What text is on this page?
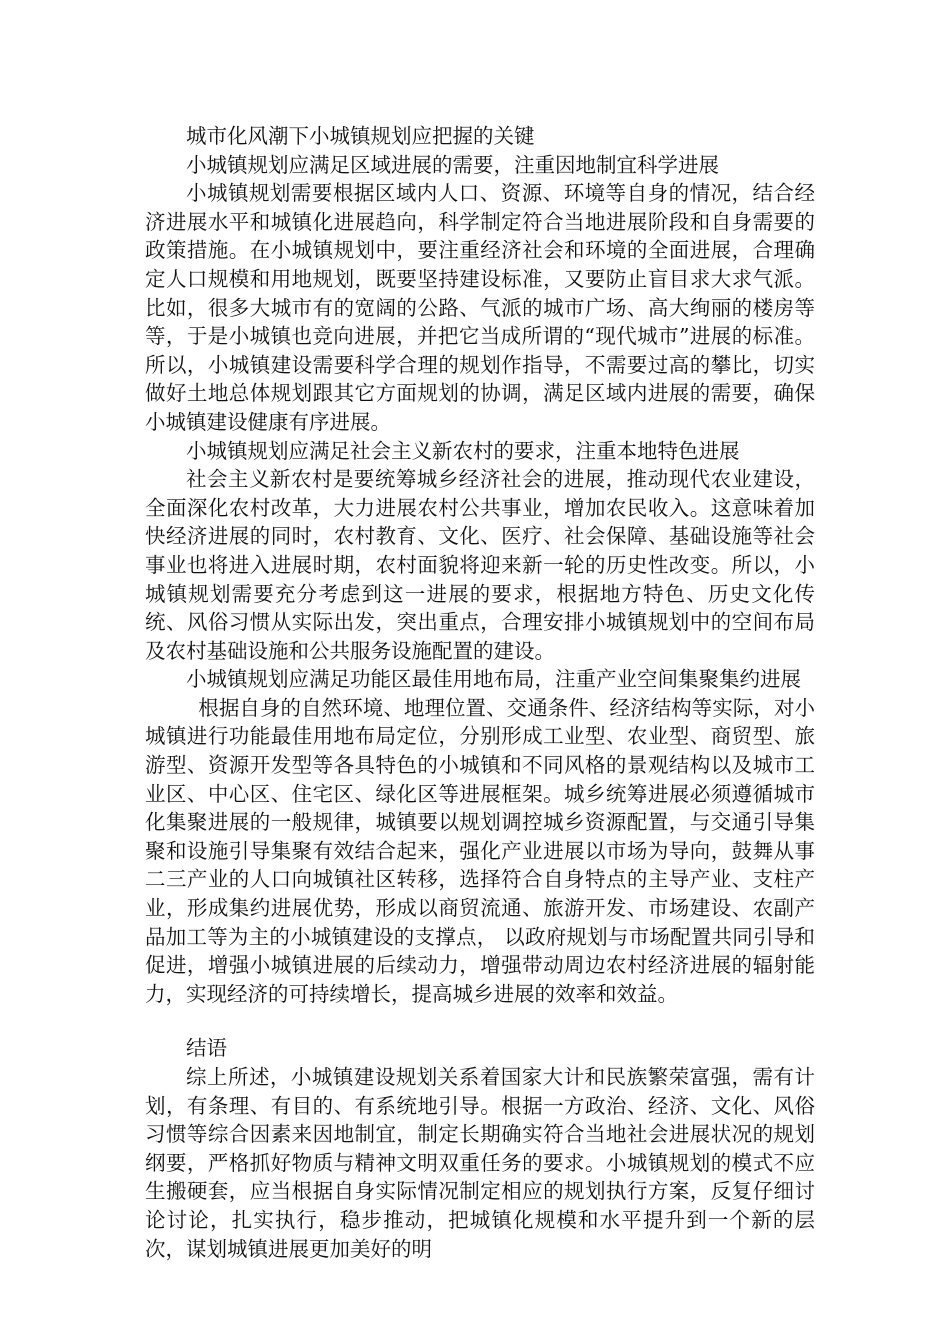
城市化风潮下小城镇规划应把握的关键

小城镇规划应满足区域进展的需要，注重因地制宜科学进展

小城镇规划需要根据区域内人口、资源、环境等自身的情况，结合经济进展水平和城镇化进展趋向，科学制定符合当地进展阶段和自身需要的政策措施。在小城镇规划中，要注重经济社会和环境的全面进展，合理确定人口规模和用地规划，既要坚持建设标准，又要防止盲目求大求气派。比如，很多大城市有的宽阔的公路、气派的城市广场、高大绚丽的楼房等等，于是小城镇也竞向进展，并把它当成所谓的“现代城市”进展的标准。所以，小城镇建设需要科学合理的规划作指导，不需要过高的攀比，切实做好土地总体规划跟其它方面规划的协调，满足区域内进展的需要，确保小城镇建设健康有序进展。

小城镇规划应满足社会主义新农村的要求，注重本地特色进展

社会主义新农村是要统筹城乡经济社会的进展，推动现代农业建设，全面深化农村改革，大力进展农村公共事业，增加农民收入。这意味着加快经济进展的同时，农村教育、文化、医疗、社会保障、基础设施等社会事业也将进入进展时期，农村面貌将迎来新一轮的历史性改变。所以，小城镇规划需要充分考虑到这一进展的要求，根据地方特色、历史文化传统、风俗习惯从实际出发，突出重点，合理安排小城镇规划中的空间布局及农村基础设施和公共服务设施配置的建设。

小城镇规划应满足功能区最佳用地布局，注重产业空间集聚集约进展

根据自身的自然环境、地理位置、交通条件、经济结构等实际，对小城镇进行功能最佳用地布局定位，分别形成工业型、农业型、商贸型、旅游型、资源开发型等各具特色的小城镇和不同风格的景观结构以及城市工业区、中心区、住宅区、绿化区等进展框架。城乡统筹进展必须遵循城市化集聚进展的一般规律，城镇要以规划调控城乡资源配置，与交通引导集聚和设施引导集聚有效结合起来，强化产业进展以市场为导向，鼓舞从事二三产业的人口向城镇社区转移，选择符合自身特点的主导产业、支柱产业，形成集约进展优势，形成以商贸流通、旅游开发、市场建设、农副产品加工等为主的小城镇建设的支撑点， 以政府规划与市场配置共同引导和促进，增强小城镇进展的后续动力，增强带动周边农村经济进展的辐射能力，实现经济的可持续增长，提高城乡进展的效率和效益。

结语

综上所述，小城镇建设规划关系着国家大计和民族繁荣富强，需有计划，有条理、有目的、有系统地引导。根据一方政治、经济、文化、风俗习惯等综合因素来因地制宜，制定长期确实符合当地社会进展状况的规划纲要，严格抓好物质与精神文明双重任务的要求。小城镇规划的模式不应生搬硬套，应当根据自身实际情况制定相应的规划执行方案，反复仔细讨论讨论，扎实执行，稳步推动，把城镇化规模和水平提升到一个新的层次，谋划城镇进展更加美好的明
